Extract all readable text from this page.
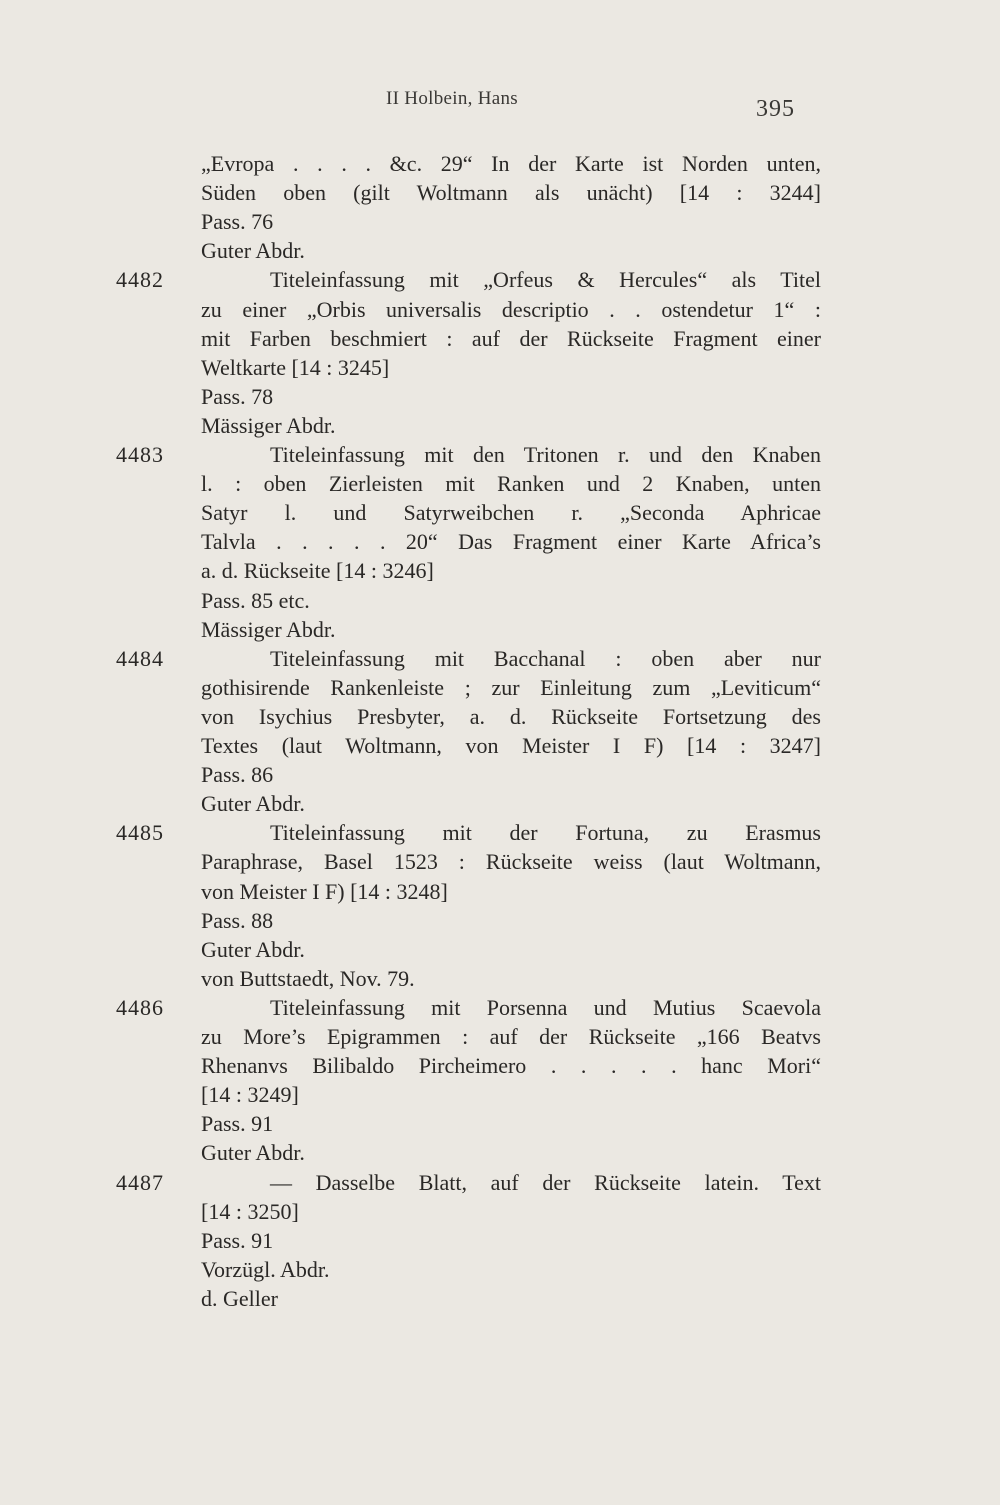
II Holbein, Hans	395
„Evropa . . . . &c. 29“ In der Karte ist Norden unten,
Süden oben (gilt Woltmann als unächt) [14 : 3244]
Pass. 76
Guter Abdr.
4482	Titeleinfassung mit „Orfeus & Hercules“ als Titel
zu einer „Orbis universalis descriptio . . ostendetur 1“ :
mit Farben beschmiert : auf der Rückseite Fragment einer
Weltkarte [14 : 3245]
Pass. 78
Mässiger Abdr.
4483	Titeleinfassung mit den Tritonen r. und den Knaben
l. : oben Zierleisten mit Ranken und 2 Knaben, unten
Satyr l. und Satyrweibchen r. „Seconda Aphricae
Talvla . . . . . 20“ Das Fragment einer Karte Africa’s
a. d. Rückseite [14 : 3246]
Pass. 85 etc.
Mässiger Abdr.
4484	Titeleinfassung mit Bacchanal : oben aber nur
gothisirende Rankenleiste ; zur Einleitung zum „Leviticum“
von Isychius Presbyter, a. d. Rückseite Fortsetzung des
Textes (laut Woltmann, von Meister I F) [14 : 3247]
Pass. 86
Guter Abdr.
4485	Titeleinfassung mit der Fortuna, zu Erasmus
Paraphrase, Basel 1523 : Rückseite weiss (laut Woltmann,
von Meister I F) [14 : 3248]
Pass. 88
Guter Abdr.
von Buttstaedt, Nov. 79.
4486	Titeleinfassung mit Porsenna und Mutius Scaevola
zu More’s Epigrammen : auf der Rückseite „166 Beatvs
Rhenanvs Bilibaldo Pircheimero . . . . . hanc Mori“
[14 : 3249]
Pass. 91
Guter Abdr.
4487	— Dasselbe Blatt, auf der Rückseite latein. Text
[14 : 3250]
Pass. 91
Vorzügl. Abdr.
d. Geller
